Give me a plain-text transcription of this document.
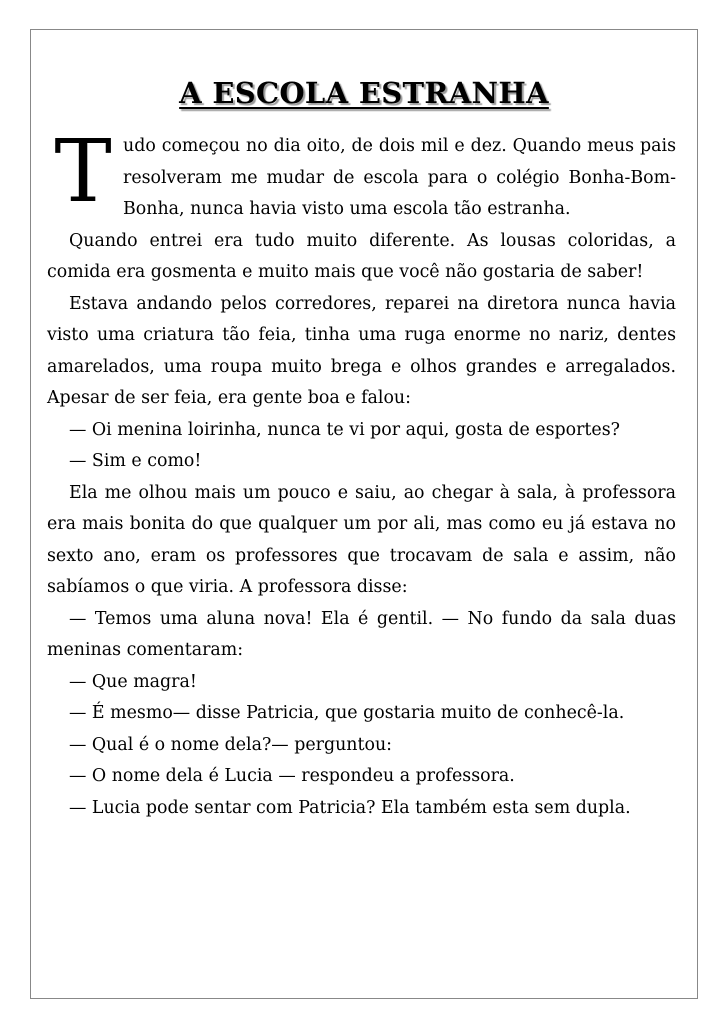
A ESCOLA ESTRANHA

Tudo começou no dia oito, de dois mil e dez. Quando meus pais resolveram me mudar de escola para o colégio Bonha-Bom-Bonha, nunca havia visto uma escola tão estranha.

Quando entrei era tudo muito diferente. As lousas coloridas, a comida era gosmenta e muito mais que você não gostaria de saber!

Estava andando pelos corredores, reparei na diretora nunca havia visto uma criatura tão feia, tinha uma ruga enorme no nariz, dentes amarelados, uma roupa muito brega e olhos grandes e arregalados. Apesar de ser feia, era gente boa e falou:

— Oi menina loirinha, nunca te vi por aqui, gosta de esportes?

— Sim e como!

Ela me olhou mais um pouco e saiu, ao chegar à sala, à professora era mais bonita do que qualquer um por ali, mas como eu já estava no sexto ano, eram os professores que trocavam de sala e assim, não sabíamos o que viria. A professora disse:

— Temos uma aluna nova! Ela é gentil. — No fundo da sala duas meninas comentaram:

— Que magra!

— É mesmo— disse Patricia, que gostaria muito de conhecê-la.

— Qual é o nome dela?— perguntou:

— O nome dela é Lucia — respondeu a professora.

— Lucia pode sentar com Patricia? Ela também esta sem dupla.
